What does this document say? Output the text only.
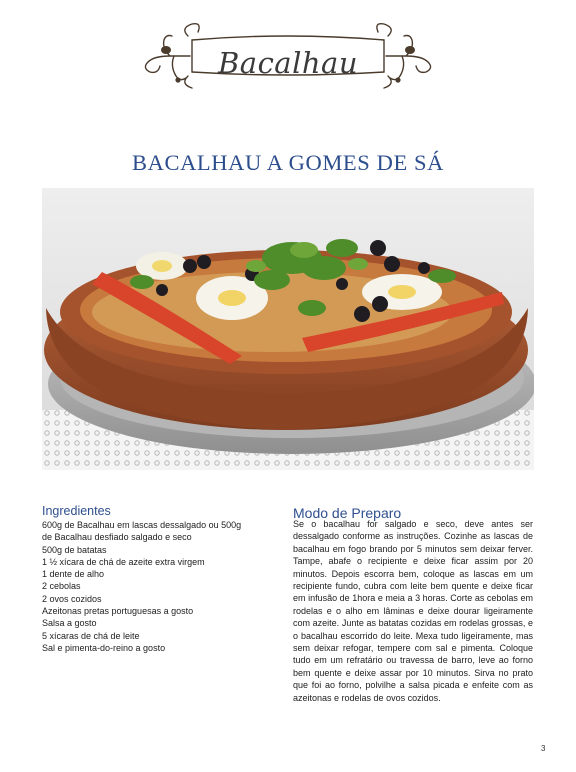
Bacalhau
BACALHAU A GOMES DE SÁ
Ingredientes
600g de Bacalhau em lascas dessalgado ou 500g
de Bacalhau desfiado salgado e seco
500g de batatas
1 ½ xícara de chá de azeite extra virgem
1 dente de alho
2 cebolas
2 ovos cozidos
Azeitonas pretas portuguesas a gosto
Salsa a gosto
5 xícaras de chá de leite
Sal e pimenta-do-reino a gosto
Modo de Preparo

Se o bacalhau for salgado e seco, deve antes ser dessalgado conforme as instruções. Cozinhe as lascas de bacalhau em fogo brando por 5 minutos sem deixar ferver. Tampe, abafe o recipiente e deixe ficar assim por 20 minutos. Depois escorra bem, coloque as lascas em um recipiente fundo, cubra com leite bem quente e deixe ficar em infusão de 1hora e meia a 3 horas. Corte as cebolas em rodelas e o alho em lâminas e deixe dourar ligeiramente com azeite. Junte as batatas cozidas em rodelas grossas, e o bacalhau escorrido do leite. Mexa tudo ligeiramente, mas sem deixar refogar, tempere com sal e pimenta. Coloque tudo em um refratário ou travessa de barro, leve ao forno bem quente e deixe assar por 10 minutos. Sirva no prato que foi ao forno, polvilhe a salsa picada e enfeite com as azeitonas e rodelas de ovos cozidos.

3
